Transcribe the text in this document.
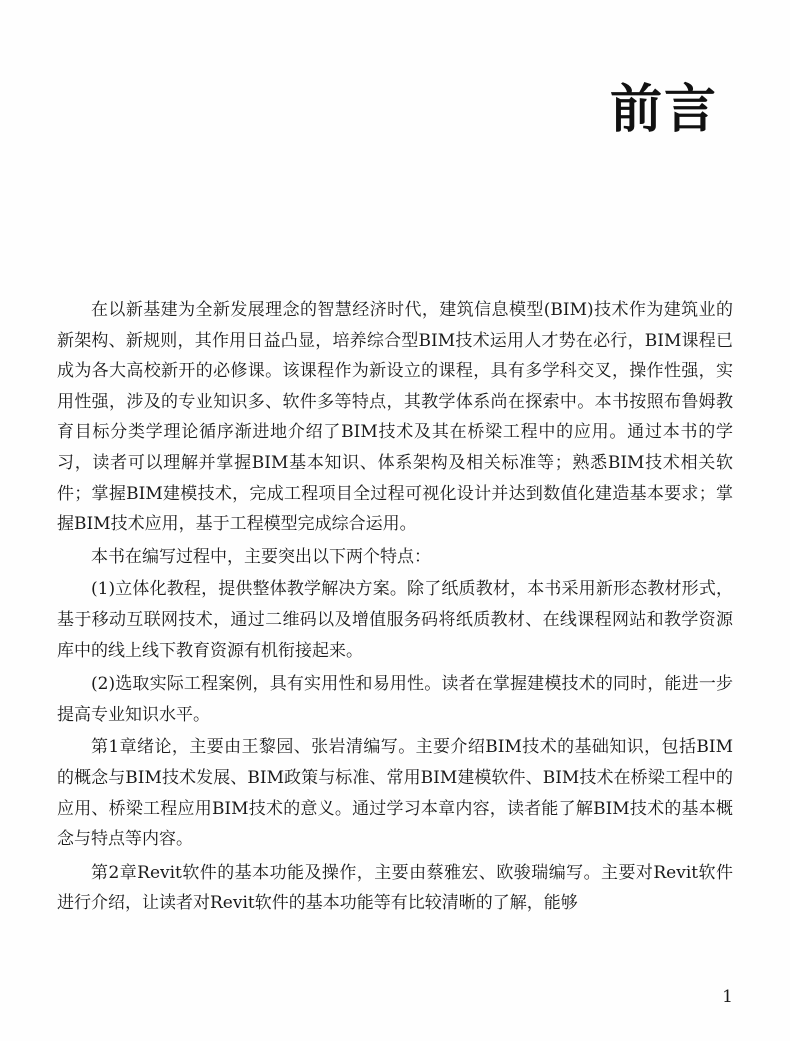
前言

在以新基建为全新发展理念的智慧经济时代，建筑信息模型(BIM)技术作为建筑业的新架构、新规则，其作用日益凸显，培养综合型BIM技术运用人才势在必行，BIM课程已成为各大高校新开的必修课。该课程作为新设立的课程，具有多学科交叉，操作性强，实用性强，涉及的专业知识多、软件多等特点，其教学体系尚在探索中。本书按照布鲁姆教育目标分类学理论循序渐进地介绍了BIM技术及其在桥梁工程中的应用。通过本书的学习，读者可以理解并掌握BIM基本知识、体系架构及相关标准等；熟悉BIM技术相关软件；掌握BIM建模技术，完成工程项目全过程可视化设计并达到数值化建造基本要求；掌握BIM技术应用，基于工程模型完成综合运用。

本书在编写过程中，主要突出以下两个特点：

(1)立体化教程，提供整体教学解决方案。除了纸质教材，本书采用新形态教材形式，基于移动互联网技术，通过二维码以及增值服务码将纸质教材、在线课程网站和教学资源库中的线上线下教育资源有机衔接起来。

(2)选取实际工程案例，具有实用性和易用性。读者在掌握建模技术的同时，能进一步提高专业知识水平。

第1章绪论，主要由王黎园、张岩清编写。主要介绍BIM技术的基础知识，包括BIM的概念与BIM技术发展、BIM政策与标准、常用BIM建模软件、BIM技术在桥梁工程中的应用、桥梁工程应用BIM技术的意义。通过学习本章内容，读者能了解BIM技术的基本概念与特点等内容。

第2章Revit软件的基本功能及操作，主要由蔡雅宏、欧骏瑞编写。主要对Revit软件进行介绍，让读者对Revit软件的基本功能等有比较清晰的了解，能够

1
